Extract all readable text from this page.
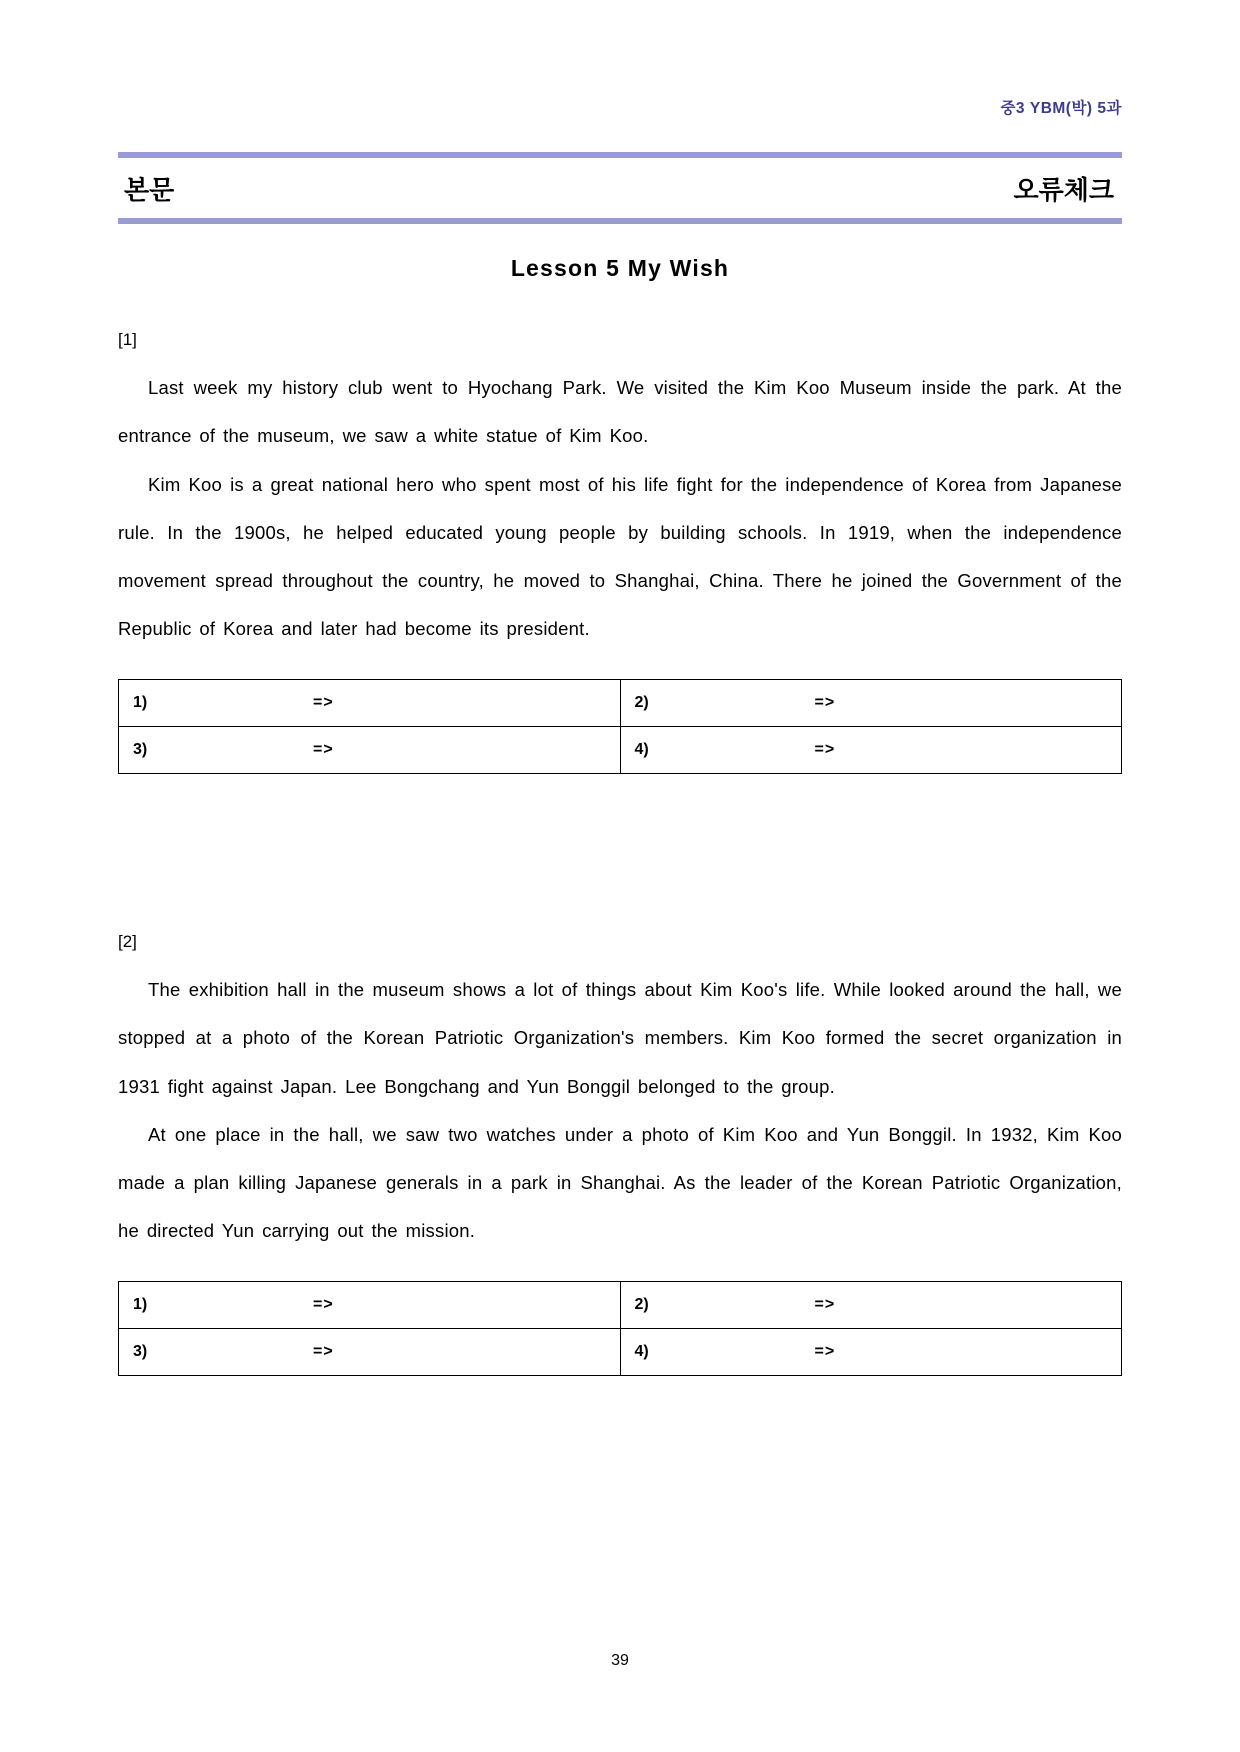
중3 YBM(박) 5과
본문	오류체크
Lesson 5 My Wish
[1]

Last week my history club went to Hyochang Park. We visited the Kim Koo Museum inside the park. At the entrance of the museum, we saw a white statue of Kim Koo.

Kim Koo is a great national hero who spent most of his life fight for the independence of Korea from Japanese rule. In the 1900s, he helped educated young people by building schools. In 1919, when the independence movement spread throughout the country, he moved to Shanghai, China. There he joined the Government of the Republic of Korea and later had become its president.

1) =>	2) =>

3) =>	4) =>
[2]

The exhibition hall in the museum shows a lot of things about Kim Koo's life. While looked around the hall, we stopped at a photo of the Korean Patriotic Organization's members. Kim Koo formed the secret organization in 1931 fight against Japan. Lee Bongchang and Yun Bonggil belonged to the group.

At one place in the hall, we saw two watches under a photo of Kim Koo and Yun Bonggil. In 1932, Kim Koo made a plan killing Japanese generals in a park in Shanghai. As the leader of the Korean Patriotic Organization, he directed Yun carrying out the mission.

1) =>	2) =>

3) =>	4) =>
39
